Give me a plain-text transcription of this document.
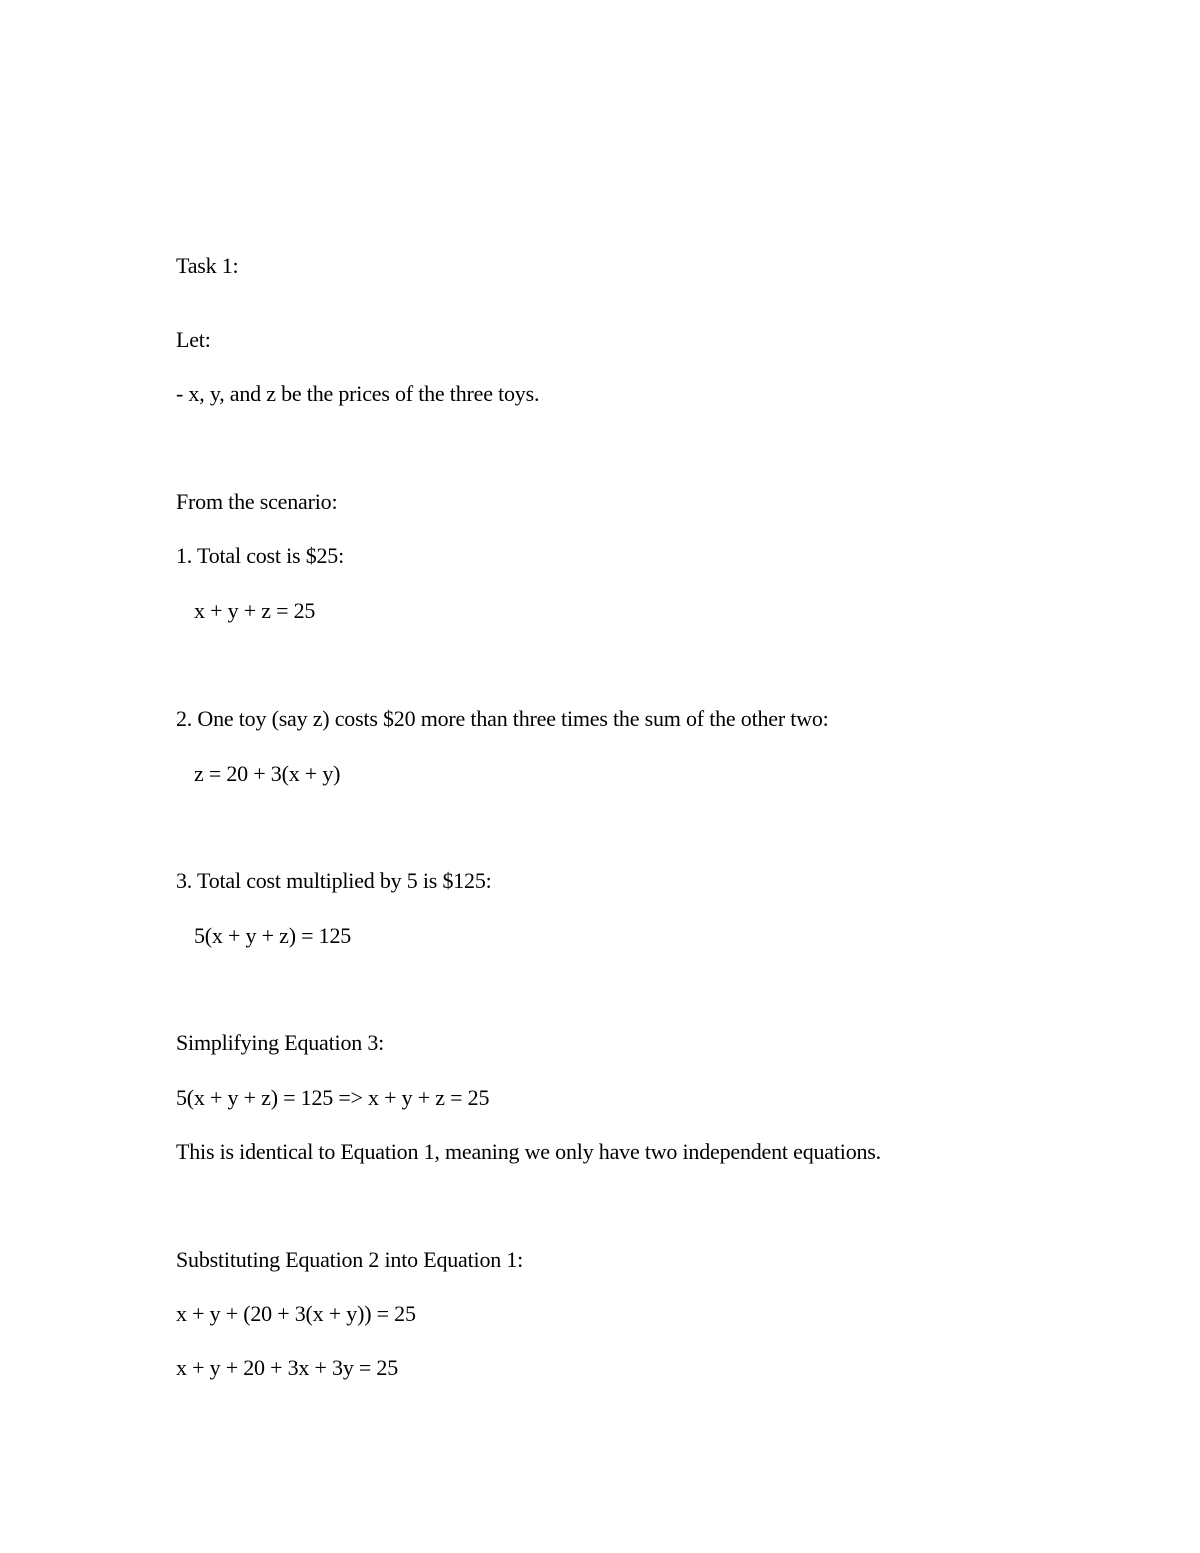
Task 1:
Let:
- x, y, and z be the prices of the three toys.
From the scenario:
1. Total cost is $25:
x + y + z = 25
2. One toy (say z) costs $20 more than three times the sum of the other two:
z = 20 + 3(x + y)
3. Total cost multiplied by 5 is $125:
5(x + y + z) = 125
Simplifying Equation 3:
5(x + y + z) = 125 => x + y + z = 25
This is identical to Equation 1, meaning we only have two independent equations.
Substituting Equation 2 into Equation 1:
x + y + (20 + 3(x + y)) = 25
x + y + 20 + 3x + 3y = 25
